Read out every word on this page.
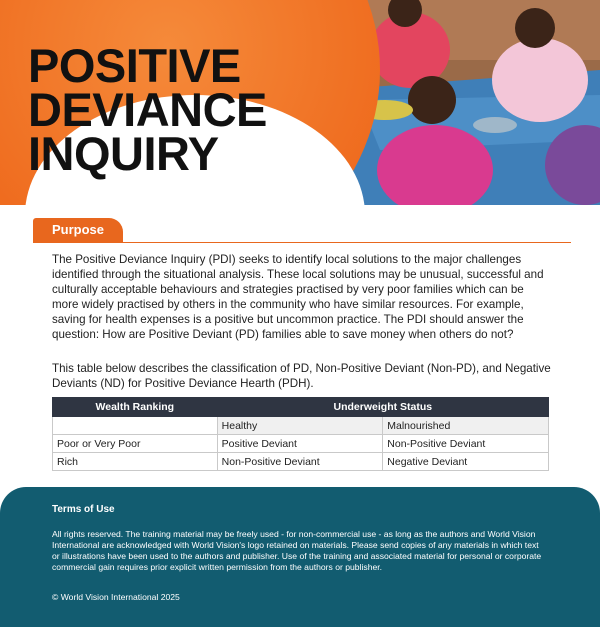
POSITIVE
DEVIANCE
INQUIRY
Purpose

The Positive Deviance Inquiry (PDI) seeks to identify local solutions to the major challenges identified through the situational analysis. These local solutions may be unusual, successful and culturally acceptable behaviours and strategies practised by very poor families which can be more widely practised by others in the community who have similar resources. For example, saving for health expenses is a positive but uncommon practice. The PDI should answer the question: How are Positive Deviant (PD) families able to save money when others do not?

This table below describes the classification of PD, Non-Positive Deviant (Non-PD), and Negative Deviants (ND) for Positive Deviance Hearth (PDH).

Wealth Ranking	Underweight Status	
	Healthy	Malnourished
Poor or Very Poor	Positive Deviant	Non-Positive Deviant
Rich	Non-Positive Deviant	Negative Deviant

Terms of Use

All rights reserved. The training material may be freely used - for non-commercial use - as long as the authors and World Vision International are acknowledged with World Vision's logo retained on materials. Please send copies of any materials in which text or illustrations have been used to the authors and publisher. Use of the training and associated material for personal or corporate commercial gain requires prior explicit written permission from the authors or publisher.

© World Vision International 2025
